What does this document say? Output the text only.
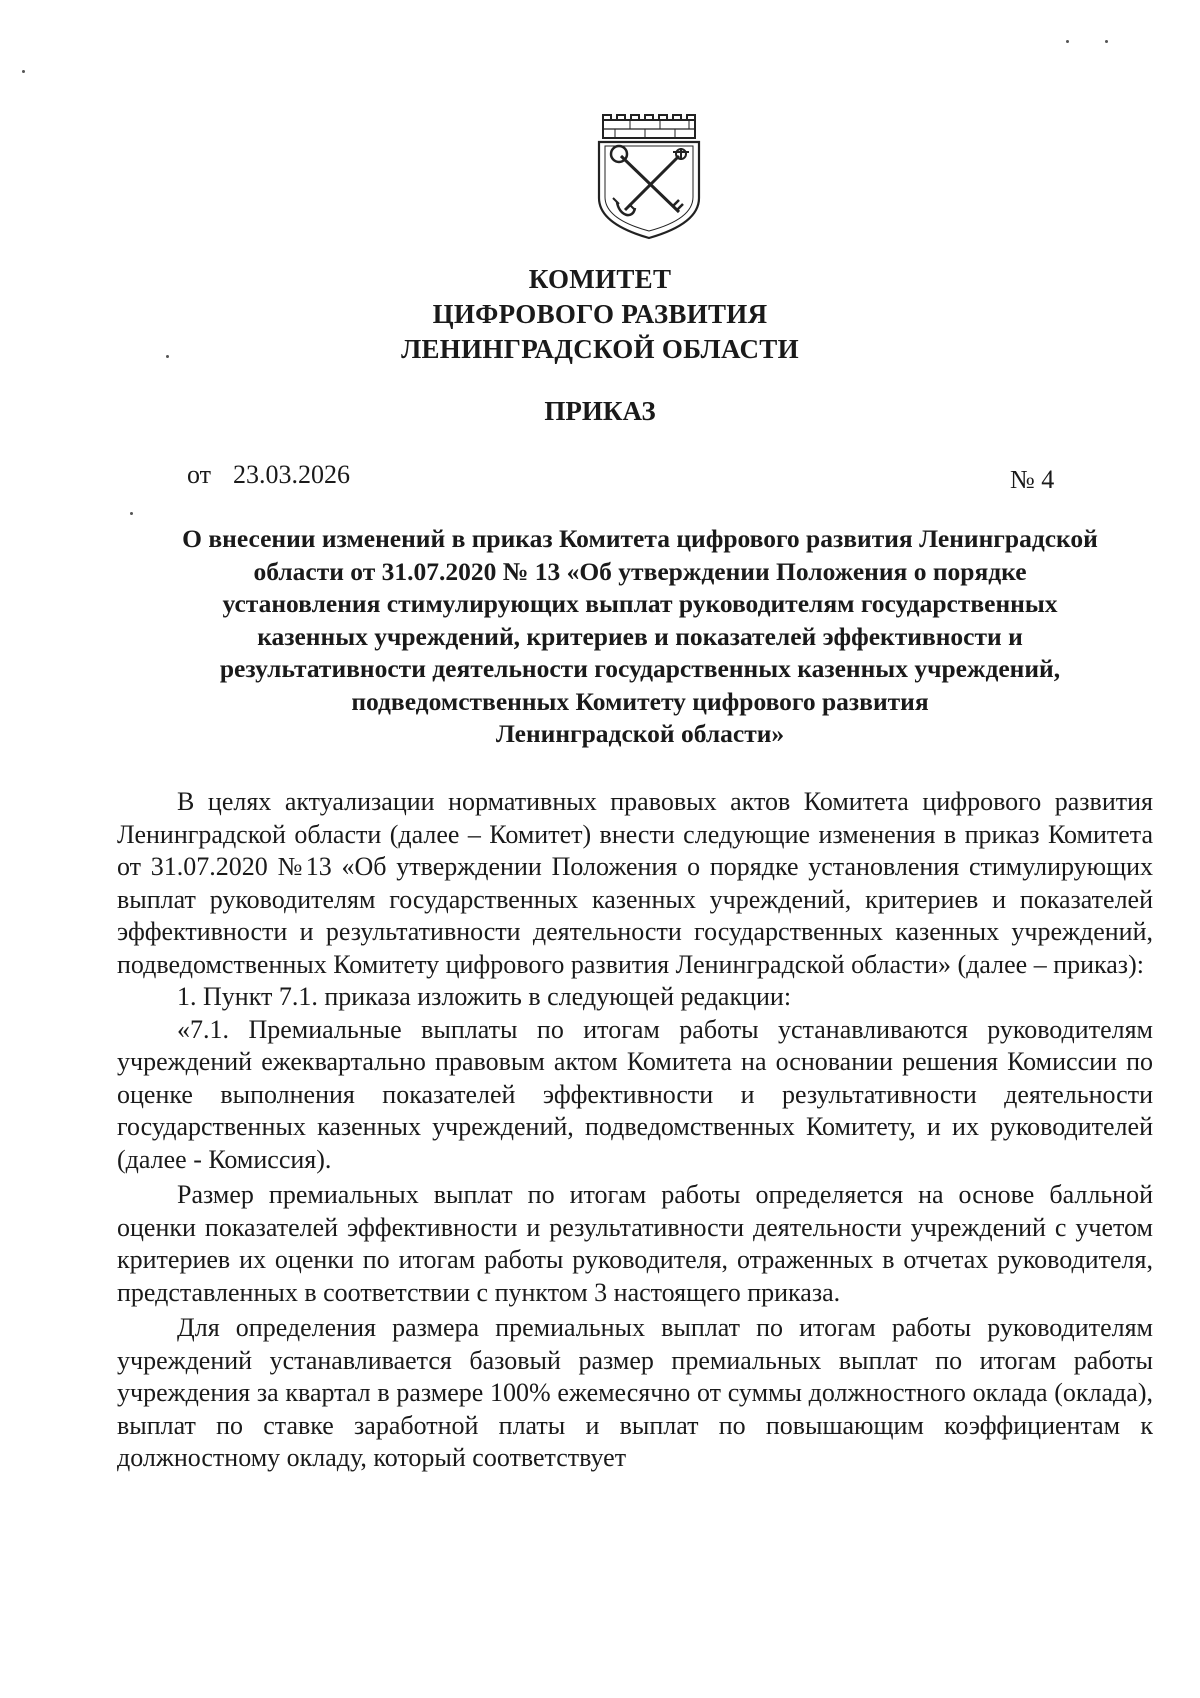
КОМИТЕТ
ЦИФРОВОГО РАЗВИТИЯ
ЛЕНИНГРАДСКОЙ ОБЛАСТИ
ПРИКАЗ
от 23.03.2026	№ 4
О внесении изменений в приказ Комитета цифрового развития Ленинградской
области от 31.07.2020 № 13 «Об утверждении Положения о порядке
установления стимулирующих выплат руководителям государственных
казенных учреждений, критериев и показателей эффективности и
результативности деятельности государственных казенных учреждений,
подведомственных Комитету цифрового развития
Ленинградской области»

В целях актуализации нормативных правовых актов Комитета цифрового развития Ленинградской области (далее – Комитет) внести следующие изменения в приказ Комитета от 31.07.2020 №13 «Об утверждении Положения о порядке установления стимулирующих выплат руководителям государственных казенных учреждений, критериев и показателей эффективности и результативности деятельности государственных казенных учреждений, подведомственных Комитету цифрового развития Ленинградской области» (далее – приказ):

1. Пункт 7.1. приказа изложить в следующей редакции:

«7.1. Премиальные выплаты по итогам работы устанавливаются руководителям учреждений ежеквартально правовым актом Комитета на основании решения Комиссии по оценке выполнения показателей эффективности и результативности деятельности государственных казенных учреждений, подведомственных Комитету, и их руководителей (далее - Комиссия).

Размер премиальных выплат по итогам работы определяется на основе балльной оценки показателей эффективности и результативности деятельности учреждений с учетом критериев их оценки по итогам работы руководителя, отраженных в отчетах руководителя, представленных в соответствии с пунктом 3 настоящего приказа.

Для определения размера премиальных выплат по итогам работы руководителям учреждений устанавливается базовый размер премиальных выплат по итогам работы учреждения за квартал в размере 100% ежемесячно от суммы должностного оклада (оклада), выплат по ставке заработной платы и выплат по повышающим коэффициентам к должностному окладу, который соответствует
